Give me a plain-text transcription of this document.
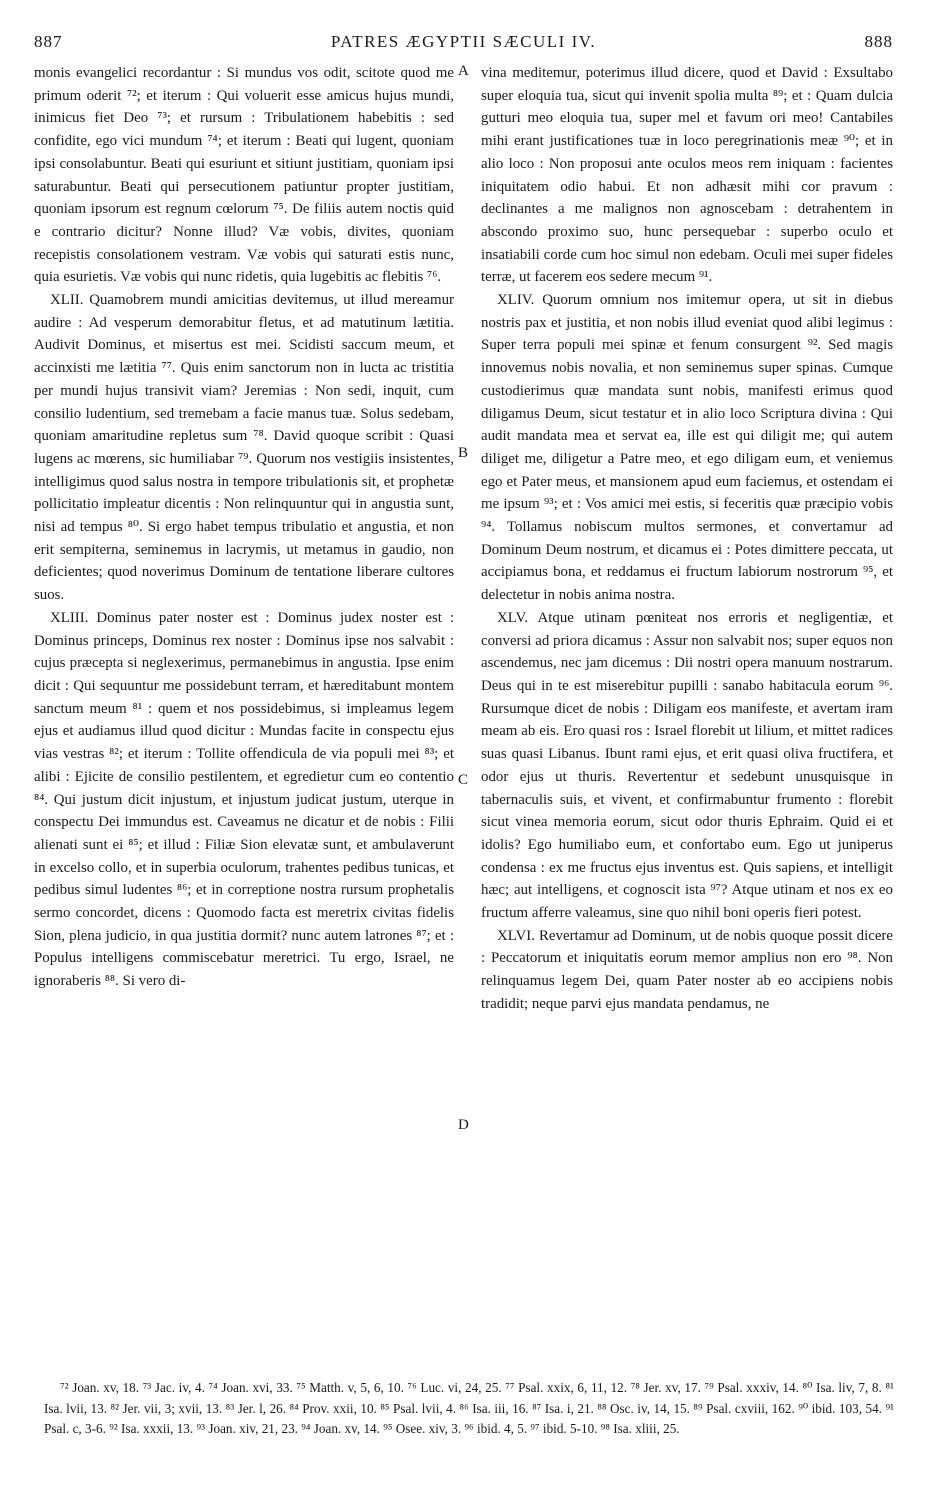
887	PATRES ÆGYPTII SÆCULI IV.	888
A
B
C
D

monis evangelici recordantur : Si mundus vos odit, scitote quod me primum oderit ⁷²; et iterum : Qui voluerit esse amicus hujus mundi, inimicus fiet Deo ⁷³; et rursum : Tribulationem habebitis : sed confidite, ego vici mundum ⁷⁴; et iterum : Beati qui lugent, quoniam ipsi consolabuntur. Beati qui esuriunt et sitiunt justitiam, quoniam ipsi saturabuntur. Beati qui persecutionem patiuntur propter justitiam, quoniam ipsorum est regnum cœlorum ⁷⁵. De filiis autem noctis quid e contrario dicitur? Nonne illud? Væ vobis, divites, quoniam recepistis consolationem vestram. Væ vobis qui saturati estis nunc, quia esurietis. Væ vobis qui nunc ridetis, quia lugebitis ac flebitis ⁷⁶.

XLII. Quamobrem mundi amicitias devitemus, ut illud mereamur audire : Ad vesperum demorabitur fletus, et ad matutinum lætitia. Audivit Dominus, et misertus est mei. Scidisti saccum meum, et accinxisti me lætitia ⁷⁷. Quis enim sanctorum non in lucta ac tristitia per mundi hujus transivit viam? Jeremias : Non sedi, inquit, cum consilio ludentium, sed tremebam a facie manus tuæ. Solus sedebam, quoniam amaritudine repletus sum ⁷⁸. David quoque scribit : Quasi lugens ac mœrens, sic humiliabar ⁷⁹. Quorum nos vestigiis insistentes, intelligimus quod salus nostra in tempore tribulationis sit, et prophetæ pollicitatio impleatur dicentis : Non relinquuntur qui in angustia sunt, nisi ad tempus ⁸⁰. Si ergo habet tempus tribulatio et angustia, et non erit sempiterna, seminemus in lacrymis, ut metamus in gaudio, non deficientes; quod noverimus Dominum de tentatione liberare cultores suos.

XLIII. Dominus pater noster est : Dominus judex noster est : Dominus princeps, Dominus rex noster : Dominus ipse nos salvabit : cujus præcepta si neglexerimus, permanebimus in angustia. Ipse enim dicit : Qui sequuntur me possidebunt terram, et hæreditabunt montem sanctum meum ⁸¹ : quem et nos possidebimus, si impleamus legem ejus et audiamus illud quod dicitur : Mundas facite in conspectu ejus vias vestras ⁸²; et iterum : Tollite offendicula de via populi mei ⁸³; et alibi : Ejicite de consilio pestilentem, et egredietur cum eo contentio ⁸⁴. Qui justum dicit injustum, et injustum judicat justum, uterque in conspectu Dei immundus est. Caveamus ne dicatur et de nobis : Filii alienati sunt ei ⁸⁵; et illud : Filiæ Sion elevatæ sunt, et ambulaverunt in excelso collo, et in superbia oculorum, trahentes pedibus tunicas, et pedibus simul ludentes ⁸⁶; et in correptione nostra rursum prophetalis sermo concordet, dicens : Quomodo facta est meretrix civitas fidelis Sion, plena judicio, in qua justitia dormit? nunc autem latrones ⁸⁷; et : Populus intelligens commiscebatur meretrici. Tu ergo, Israel, ne ignoraberis ⁸⁸. Si vero di-

vina meditemur, poterimus illud dicere, quod et David : Exsultabo super eloquia tua, sicut qui invenit spolia multa ⁸⁹; et : Quam dulcia gutturi meo eloquia tua, super mel et favum ori meo! Cantabiles mihi erant justificationes tuæ in loco peregrinationis meæ ⁹⁰; et in alio loco : Non proposui ante oculos meos rem iniquam : facientes iniquitatem odio habui. Et non adhæsit mihi cor pravum : declinantes a me malignos non agnoscebam : detrahentem in abscondo proximo suo, hunc persequebar : superbo oculo et insatiabili corde cum hoc simul non edebam. Oculi mei super fideles terræ, ut facerem eos sedere mecum ⁹¹.

XLIV. Quorum omnium nos imitemur opera, ut sit in diebus nostris pax et justitia, et non nobis illud eveniat quod alibi legimus : Super terra populi mei spinæ et fenum consurgent ⁹². Sed magis innovemus nobis novalia, et non seminemus super spinas. Cumque custodierimus quæ mandata sunt nobis, manifesti erimus quod diligamus Deum, sicut testatur et in alio loco Scriptura divina : Qui audit mandata mea et servat ea, ille est qui diligit me; qui autem diliget me, diligetur a Patre meo, et ego diligam eum, et veniemus ego et Pater meus, et mansionem apud eum faciemus, et ostendam ei me ipsum ⁹³; et : Vos amici mei estis, si feceritis quæ præcipio vobis ⁹⁴. Tollamus nobiscum multos sermones, et convertamur ad Dominum Deum nostrum, et dicamus ei : Potes dimittere peccata, ut accipiamus bona, et reddamus ei fructum labiorum nostrorum ⁹⁵, et delectetur in nobis anima nostra.

XLV. Atque utinam pœniteat nos erroris et negligentiæ, et conversi ad priora dicamus : Assur non salvabit nos; super equos non ascendemus, nec jam dicemus : Dii nostri opera manuum nostrarum. Deus qui in te est miserebitur pupilli : sanabo habitacula eorum ⁹⁶. Rursumque dicet de nobis : Diligam eos manifeste, et avertam iram meam ab eis. Ero quasi ros : Israel florebit ut lilium, et mittet radices suas quasi Libanus. Ibunt rami ejus, et erit quasi oliva fructifera, et odor ejus ut thuris. Revertentur et sedebunt unusquisque in tabernaculis suis, et vivent, et confirmabuntur frumento : florebit sicut vinea memoria eorum, sicut odor thuris Ephraim. Quid ei et idolis? Ego humiliabo eum, et confortabo eum. Ego ut juniperus condensa : ex me fructus ejus inventus est. Quis sapiens, et intelligit hæc; aut intelligens, et cognoscit ista ⁹⁷? Atque utinam et nos ex eo fructum afferre valeamus, sine quo nihil boni operis fieri potest.

XLVI. Revertamur ad Dominum, ut de nobis quoque possit dicere : Peccatorum et iniquitatis eorum memor amplius non ero ⁹⁸. Non relinquamus legem Dei, quam Pater noster ab eo accipiens nobis tradidit; neque parvi ejus mandata pendamus, ne

⁷² Joan. xv, 18. ⁷³ Jac. iv, 4. ⁷⁴ Joan. xvi, 33. ⁷⁵ Matth. v, 5, 6, 10. ⁷⁶ Luc. vi, 24, 25. ⁷⁷ Psal. xxix, 6, 11, 12. ⁷⁸ Jer. xv, 17. ⁷⁹ Psal. xxxiv, 14. ⁸⁰ Isa. liv, 7, 8. ⁸¹ Isa. lvii, 13. ⁸² Jer. vii, 3; xvii, 13. ⁸³ Jer. l, 26. ⁸⁴ Prov. xxii, 10. ⁸⁵ Psal. lvii, 4. ⁸⁶ Isa. iii, 16. ⁸⁷ Isa. i, 21. ⁸⁸ Osc. iv, 14, 15. ⁸⁹ Psal. cxviii, 162. ⁹⁰ ibid. 103, 54. ⁹¹ Psal. c, 3-6. ⁹² Isa. xxxii, 13. ⁹³ Joan. xiv, 21, 23. ⁹⁴ Joan. xv, 14. ⁹⁵ Osee. xiv, 3. ⁹⁶ ibid. 4, 5. ⁹⁷ ibid. 5-10. ⁹⁸ Isa. xliii, 25.
